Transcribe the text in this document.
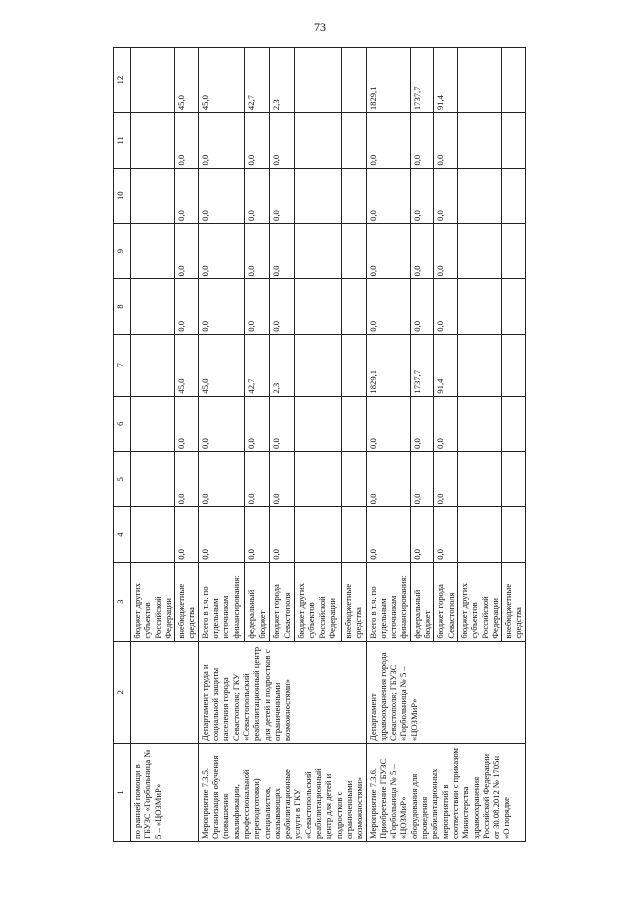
73
1	2	3	4	5	6	7	8	9	10	11	12
по ранней помощи в ГБУЗС «Горбольница № 5 – «ЦОЗМиР»		бюджет других субъектов Российской Федерации									
		внебюджетные средства	0,0	0,0	0,0	45,0	0,0	0,0	0,0	0,0	45,0
Мероприятие 7.3.5. Организация обучения (повышения квалификации, профессиональной переподготовки) специалистов, оказывающих реабилитационные услуги в ГКУ «Севастопольский реабилитационный центр для детей и подростков с ограниченными возможностями»	Департамент труда и социальной защиты населения города Севастополя; ГКУ «Севастопольский реабилитационный центр для детей и подростков с ограниченными возможностями»	Всего в т.ч. по отдельным источникам финансирования:	0,0	0,0	0,0	45,0	0,0	0,0	0,0	0,0	45,0
		федеральный бюджет	0,0	0,0	0,0	42,7	0,0	0,0	0,0	0,0	42,7
		бюджет города Севастополя	0,0	0,0	0,0	2,3	0,0	0,0	0,0	0,0	2,3
		бюджет других субъектов Российской Федерации									
		внебюджетные средства									
Мероприятие 7.3.6. Приобретение ГБУЗС «Горбольница № 5 – «ЦОЗМиР» оборудования для проведения реабилитационных мероприятий в соответствии с приказом Министерства здравоохранения Российской Федерации от 30.08.2012 № 1705н «О порядке	Департамент здравоохранения города Севастополя; ГБУЗС «Горбольница № 5 – «ЦОЗМиР»	Всего в т.ч. по отдельным источникам финансирования:	0,0	0,0	0,0	1829,1	0,0	0,0	0,0	0,0	1829,1
		федеральный бюджет	0,0	0,0	0,0	1737,7	0,0	0,0	0,0	0,0	1737,7
		бюджет города Севастополя	0,0	0,0	0,0	91,4	0,0	0,0	0,0	0,0	91,4
		бюджет других субъектов Российской Федерации									
		внебюджетные средства									
